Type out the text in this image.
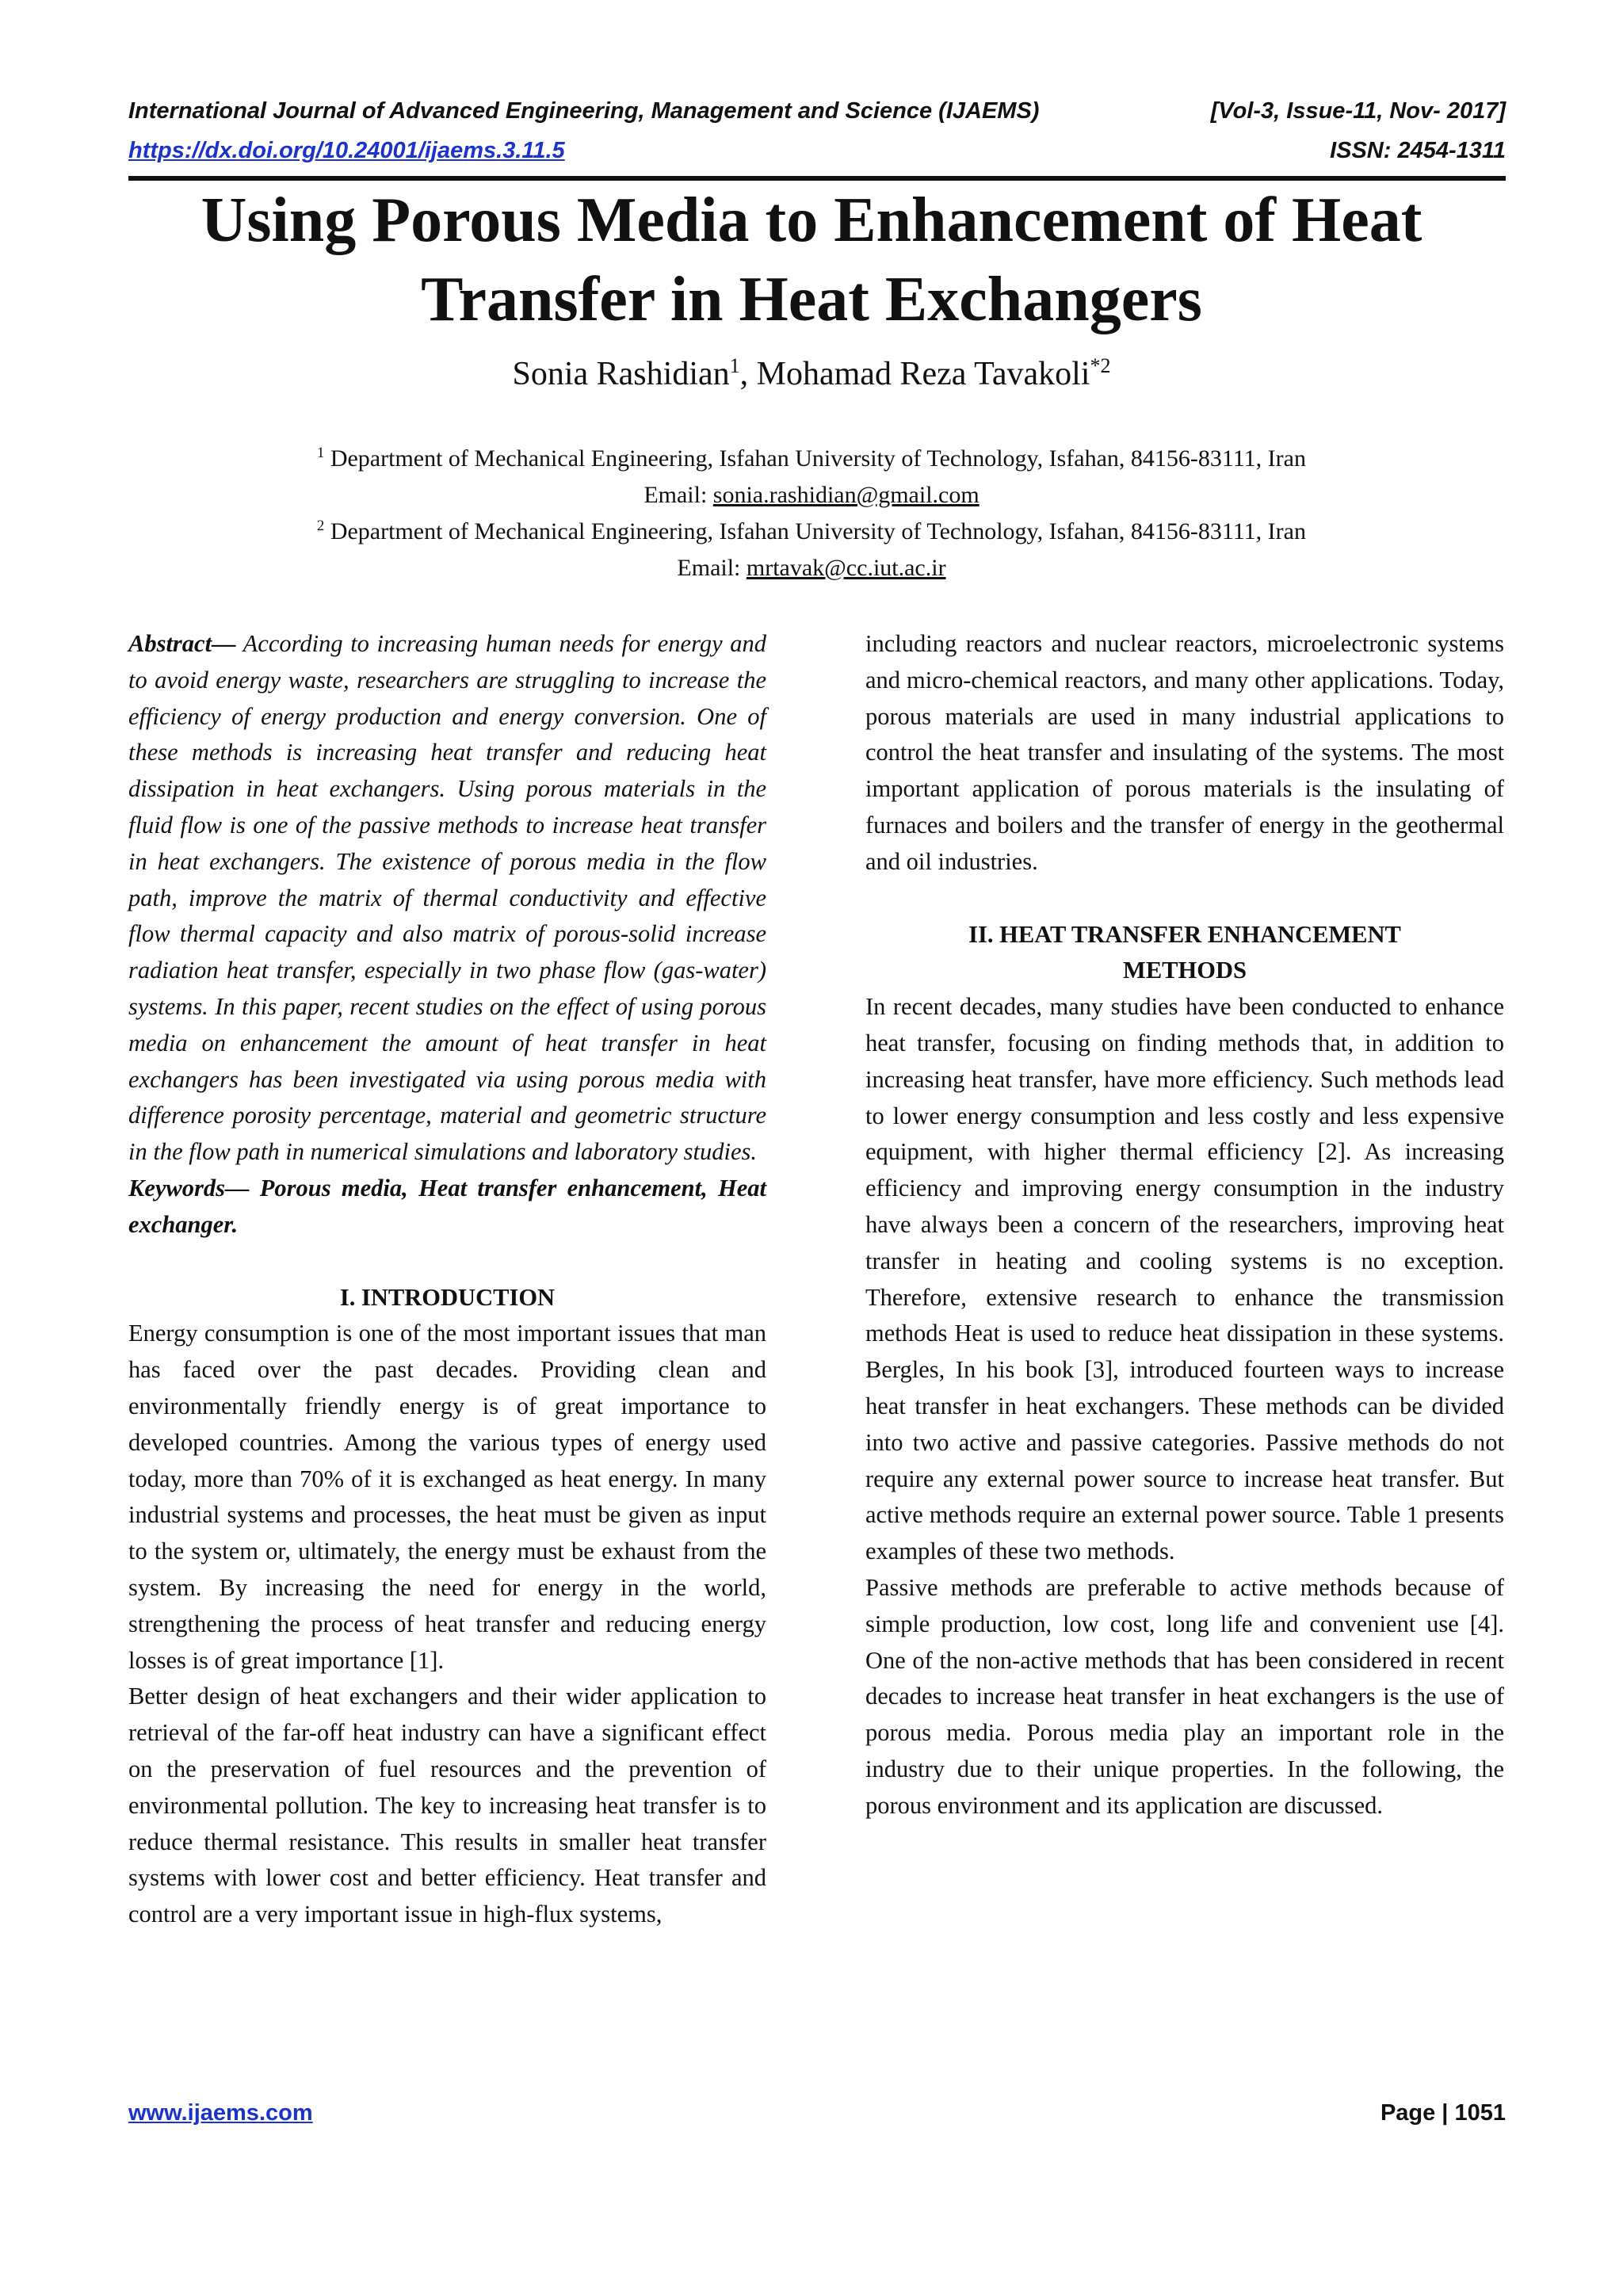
International Journal of Advanced Engineering, Management and Science (IJAEMS)	[Vol-3, Issue-11, Nov- 2017]
https://dx.doi.org/10.24001/ijaems.3.11.5	ISSN: 2454-1311
Using Porous Media to Enhancement of Heat
Transfer in Heat Exchangers
Sonia Rashidian$^1$, Mohamad Reza Tavakoli$^{*2}$
$^1$ Department of Mechanical Engineering, Isfahan University of Technology, Isfahan, 84156-83111, Iran
Email: sonia.rashidian@gmail.com
$^2$ Department of Mechanical Engineering, Isfahan University of Technology, Isfahan, 84156-83111, Iran
Email: mrtavak@cc.iut.ac.ir

Abstract— According to increasing human needs for energy and to avoid energy waste, researchers are struggling to increase the efficiency of energy production and energy conversion. One of these methods is increasing heat transfer and reducing heat dissipation in heat exchangers. Using porous materials in the fluid flow is one of the passive methods to increase heat transfer in heat exchangers. The existence of porous media in the flow path, improve the matrix of thermal conductivity and effective flow thermal capacity and also matrix of porous-solid increase radiation heat transfer, especially in two phase flow (gas-water) systems. In this paper, recent studies on the effect of using porous media on enhancement the amount of heat transfer in heat exchangers has been investigated via using porous media with difference porosity percentage, material and geometric structure in the flow path in numerical simulations and laboratory studies.

Keywords— Porous media, Heat transfer enhancement, Heat exchanger.

I. INTRODUCTION

Energy consumption is one of the most important issues that man has faced over the past decades. Providing clean and environmentally friendly energy is of great importance to developed countries. Among the various types of energy used today, more than 70% of it is exchanged as heat energy. In many industrial systems and processes, the heat must be given as input to the system or, ultimately, the energy must be exhaust from the system. By increasing the need for energy in the world, strengthening the process of heat transfer and reducing energy losses is of great importance [1].

Better design of heat exchangers and their wider application to retrieval of the far-off heat industry can have a significant effect on the preservation of fuel resources and the prevention of environmental pollution. The key to increasing heat transfer is to reduce thermal resistance. This results in smaller heat transfer systems with lower cost and better efficiency. Heat transfer and control are a very important issue in high-flux systems,

including reactors and nuclear reactors, microelectronic systems and micro-chemical reactors, and many other applications. Today, porous materials are used in many industrial applications to control the heat transfer and insulating of the systems. The most important application of porous materials is the insulating of furnaces and boilers and the transfer of energy in the geothermal and oil industries.

II. HEAT TRANSFER ENHANCEMENT
METHODS

In recent decades, many studies have been conducted to enhance heat transfer, focusing on finding methods that, in addition to increasing heat transfer, have more efficiency. Such methods lead to lower energy consumption and less costly and less expensive equipment, with higher thermal efficiency [2]. As increasing efficiency and improving energy consumption in the industry have always been a concern of the researchers, improving heat transfer in heating and cooling systems is no exception. Therefore, extensive research to enhance the transmission methods Heat is used to reduce heat dissipation in these systems. Bergles, In his book [3], introduced fourteen ways to increase heat transfer in heat exchangers. These methods can be divided into two active and passive categories. Passive methods do not require any external power source to increase heat transfer. But active methods require an external power source. Table 1 presents examples of these two methods.

Passive methods are preferable to active methods because of simple production, low cost, long life and convenient use [4]. One of the non-active methods that has been considered in recent decades to increase heat transfer in heat exchangers is the use of porous media. Porous media play an important role in the industry due to their unique properties. In the following, the porous environment and its application are discussed.

www.ijaems.com	Page | 1051
